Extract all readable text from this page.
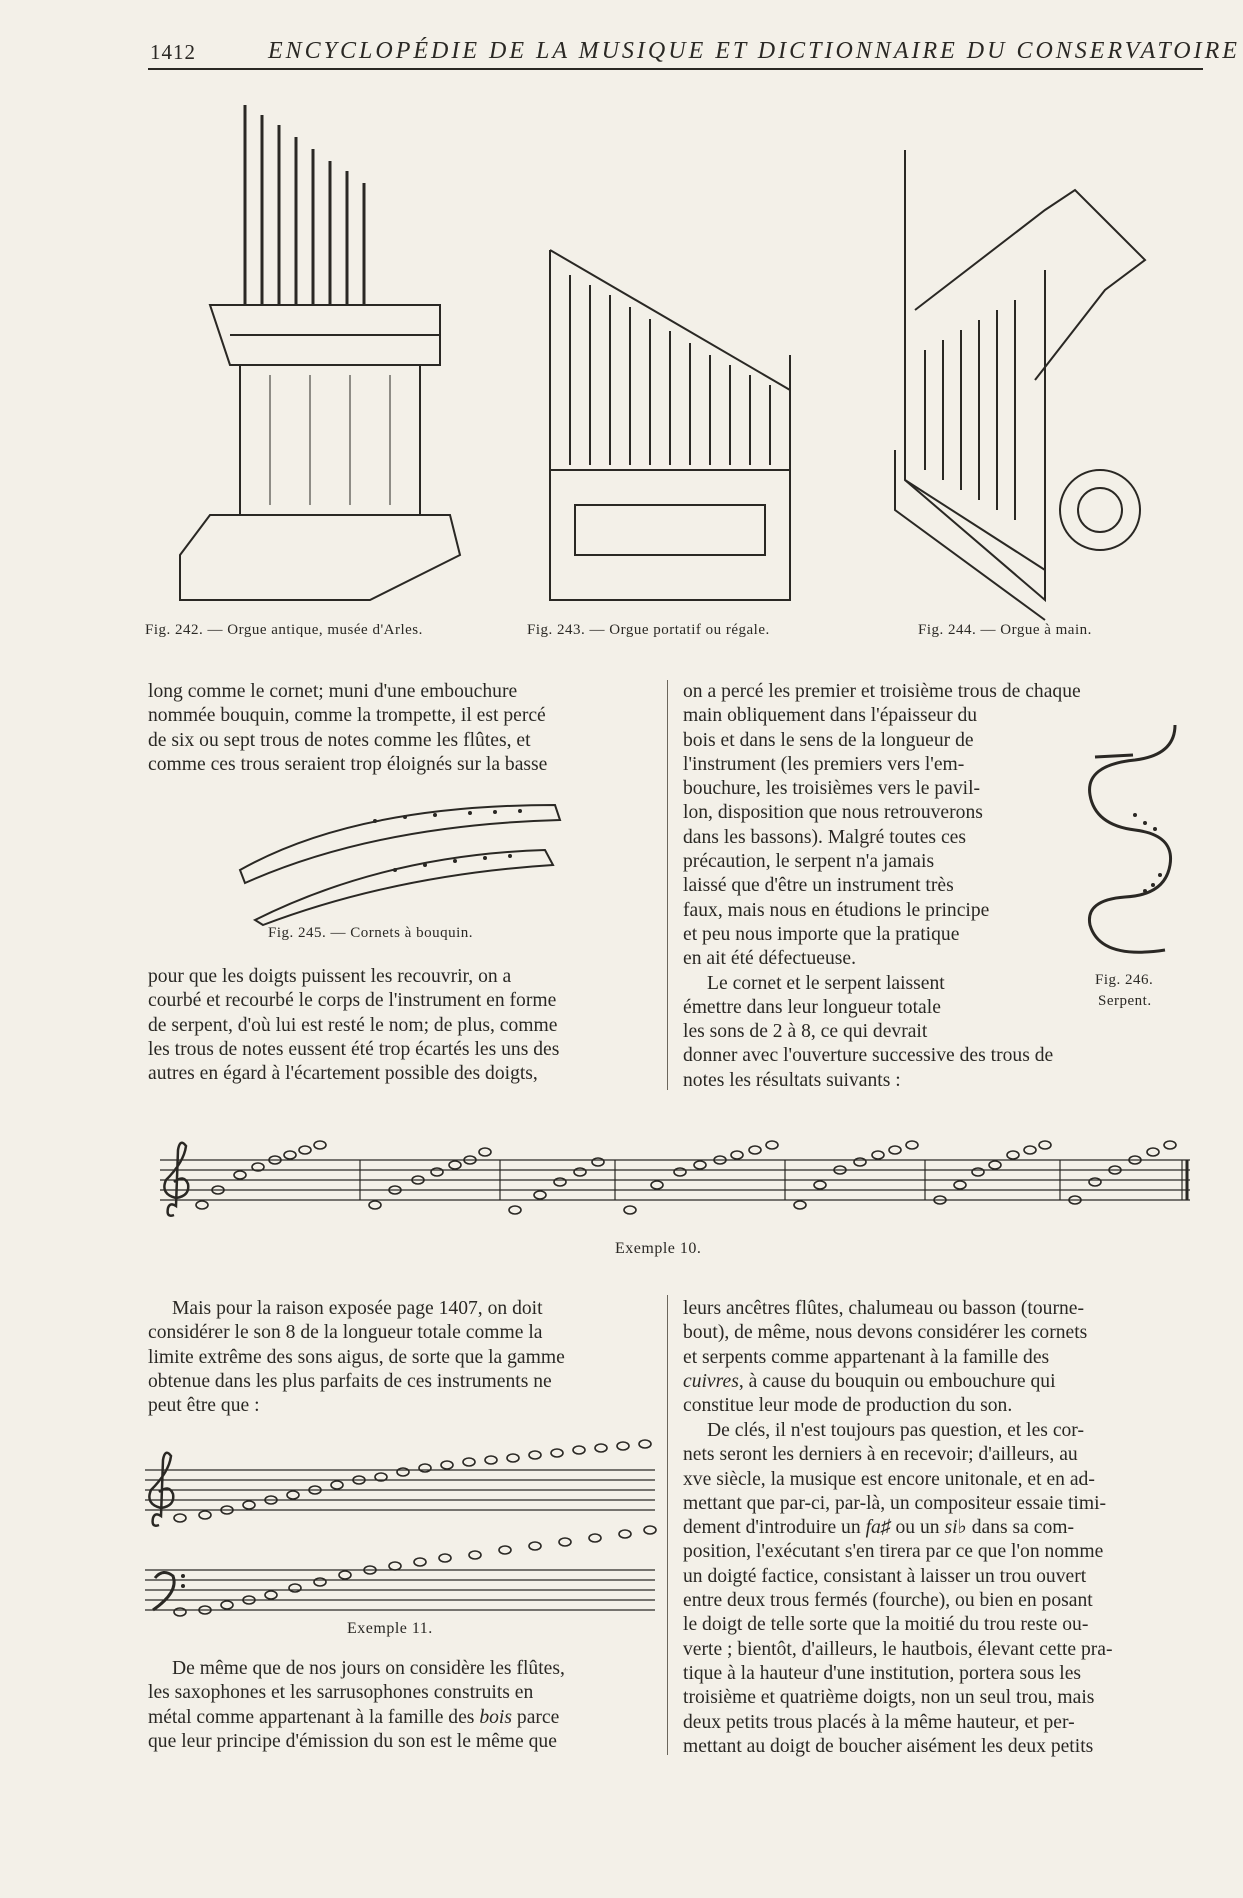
1412	ENCYCLOPÉDIE DE LA MUSIQUE ET DICTIONNAIRE DU CONSERVATOIRE
Fig. 242. — Orgue antique, musée d'Arles.	Fig. 243. — Orgue portatif ou régale.	Fig. 244. — Orgue à main.
long comme le cornet; muni d'une embouchure
nommée bouquin, comme la trompette, il est percé
de six ou sept trous de notes comme les flûtes, et
comme ces trous seraient trop éloignés sur la basse
Fig. 245. — Cornets à bouquin.
pour que les doigts puissent les recouvrir, on a
courbé et recourbé le corps de l'instrument en forme
de serpent, d'où lui est resté le nom; de plus, comme
les trous de notes eussent été trop écartés les uns des
autres en égard à l'écartement possible des doigts,
on a percé les premier et troisième trous de chaque
main obliquement dans l'épaisseur du
bois et dans le sens de la longueur de
l'instrument (les premiers vers l'em-
bouchure, les troisièmes vers le pavil-
lon, disposition que nous retrouverons
dans les bassons). Malgré toutes ces
précaution, le serpent n'a jamais
laissé que d'être un instrument très
faux, mais nous en étudions le principe
et peu nous importe que la pratique
en ait été défectueuse.
Le cornet et le serpent laissent
émettre dans leur longueur totale
les sons de 2 à 8, ce qui devrait
donner avec l'ouverture successive des trous de
notes les résultats suivants :
Fig. 246.
Serpent.
Exemple 10.
Mais pour la raison exposée page 1407, on doit
considérer le son 8 de la longueur totale comme la
limite extrême des sons aigus, de sorte que la gamme
obtenue dans les plus parfaits de ces instruments ne
peut être que :
Exemple 11.
De même que de nos jours on considère les flûtes,
les saxophones et les sarrusophones construits en
métal comme appartenant à la famille des bois parce
que leur principe d'émission du son est le même que
leurs ancêtres flûtes, chalumeau ou basson (tourne-
bout), de même, nous devons considérer les cornets
et serpents comme appartenant à la famille des
cuivres, à cause du bouquin ou embouchure qui
constitue leur mode de production du son.
De clés, il n'est toujours pas question, et les cor-
nets seront les derniers à en recevoir; d'ailleurs, au
xve siècle, la musique est encore unitonale, et en ad-
mettant que par-ci, par-là, un compositeur essaie timi-
dement d'introduire un fa♯ ou un si♭ dans sa com-
position, l'exécutant s'en tirera par ce que l'on nomme
un doigté factice, consistant à laisser un trou ouvert
entre deux trous fermés (fourche), ou bien en posant
le doigt de telle sorte que la moitié du trou reste ou-
verte ; bientôt, d'ailleurs, le hautbois, élevant cette pra-
tique à la hauteur d'une institution, portera sous les
troisième et quatrième doigts, non un seul trou, mais
deux petits trous placés à la même hauteur, et per-
mettant au doigt de boucher aisément les deux petits
